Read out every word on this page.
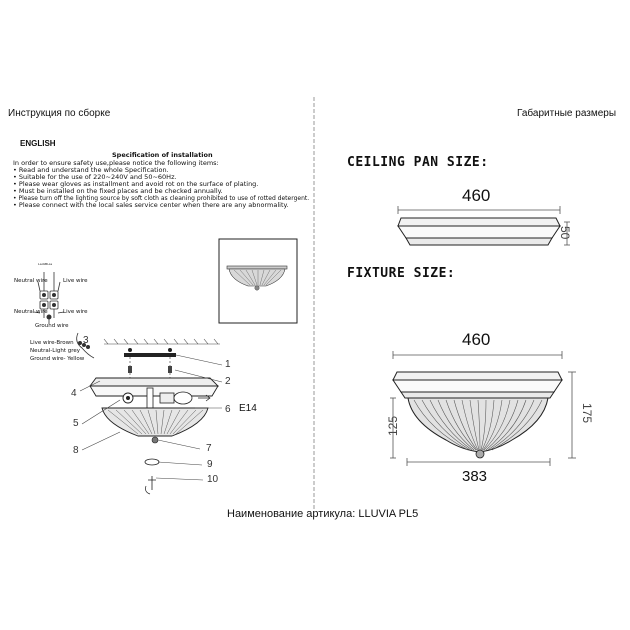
Инструкция по сборке	Габаритные размеры
ENGLISH
Specification of installation
In order to ensure safety use,please notice the following items:
• Read and understand the whole Specification.
• Suitable for the use of 220~240V and 50~60Hz.
• Please wear gloves as installment and avoid rot on the surface of plating.
• Must be installed on the fixed places and be checked annually.
• Please turn off the lighting source by soft cloth as cleaning prohibited to use of rotted detergent.
• Please connect with the local sales service center when there are any abnormality.
ᴸᵃᵈᶦᴮᴸᶦᵉ
Neutral wire	Live wire
Neutral wire	Live wire
Ground wire
Live wire-Brown
Neutral-Light grey
Ground wire- Yellow	1
2
3
4
5
6 E14
7
8
9
10
CEILING PAN SIZE:
460
FIXTURE SIZE:
460
383
50
125
175
Наименование артикула: LLUVIA PL5
